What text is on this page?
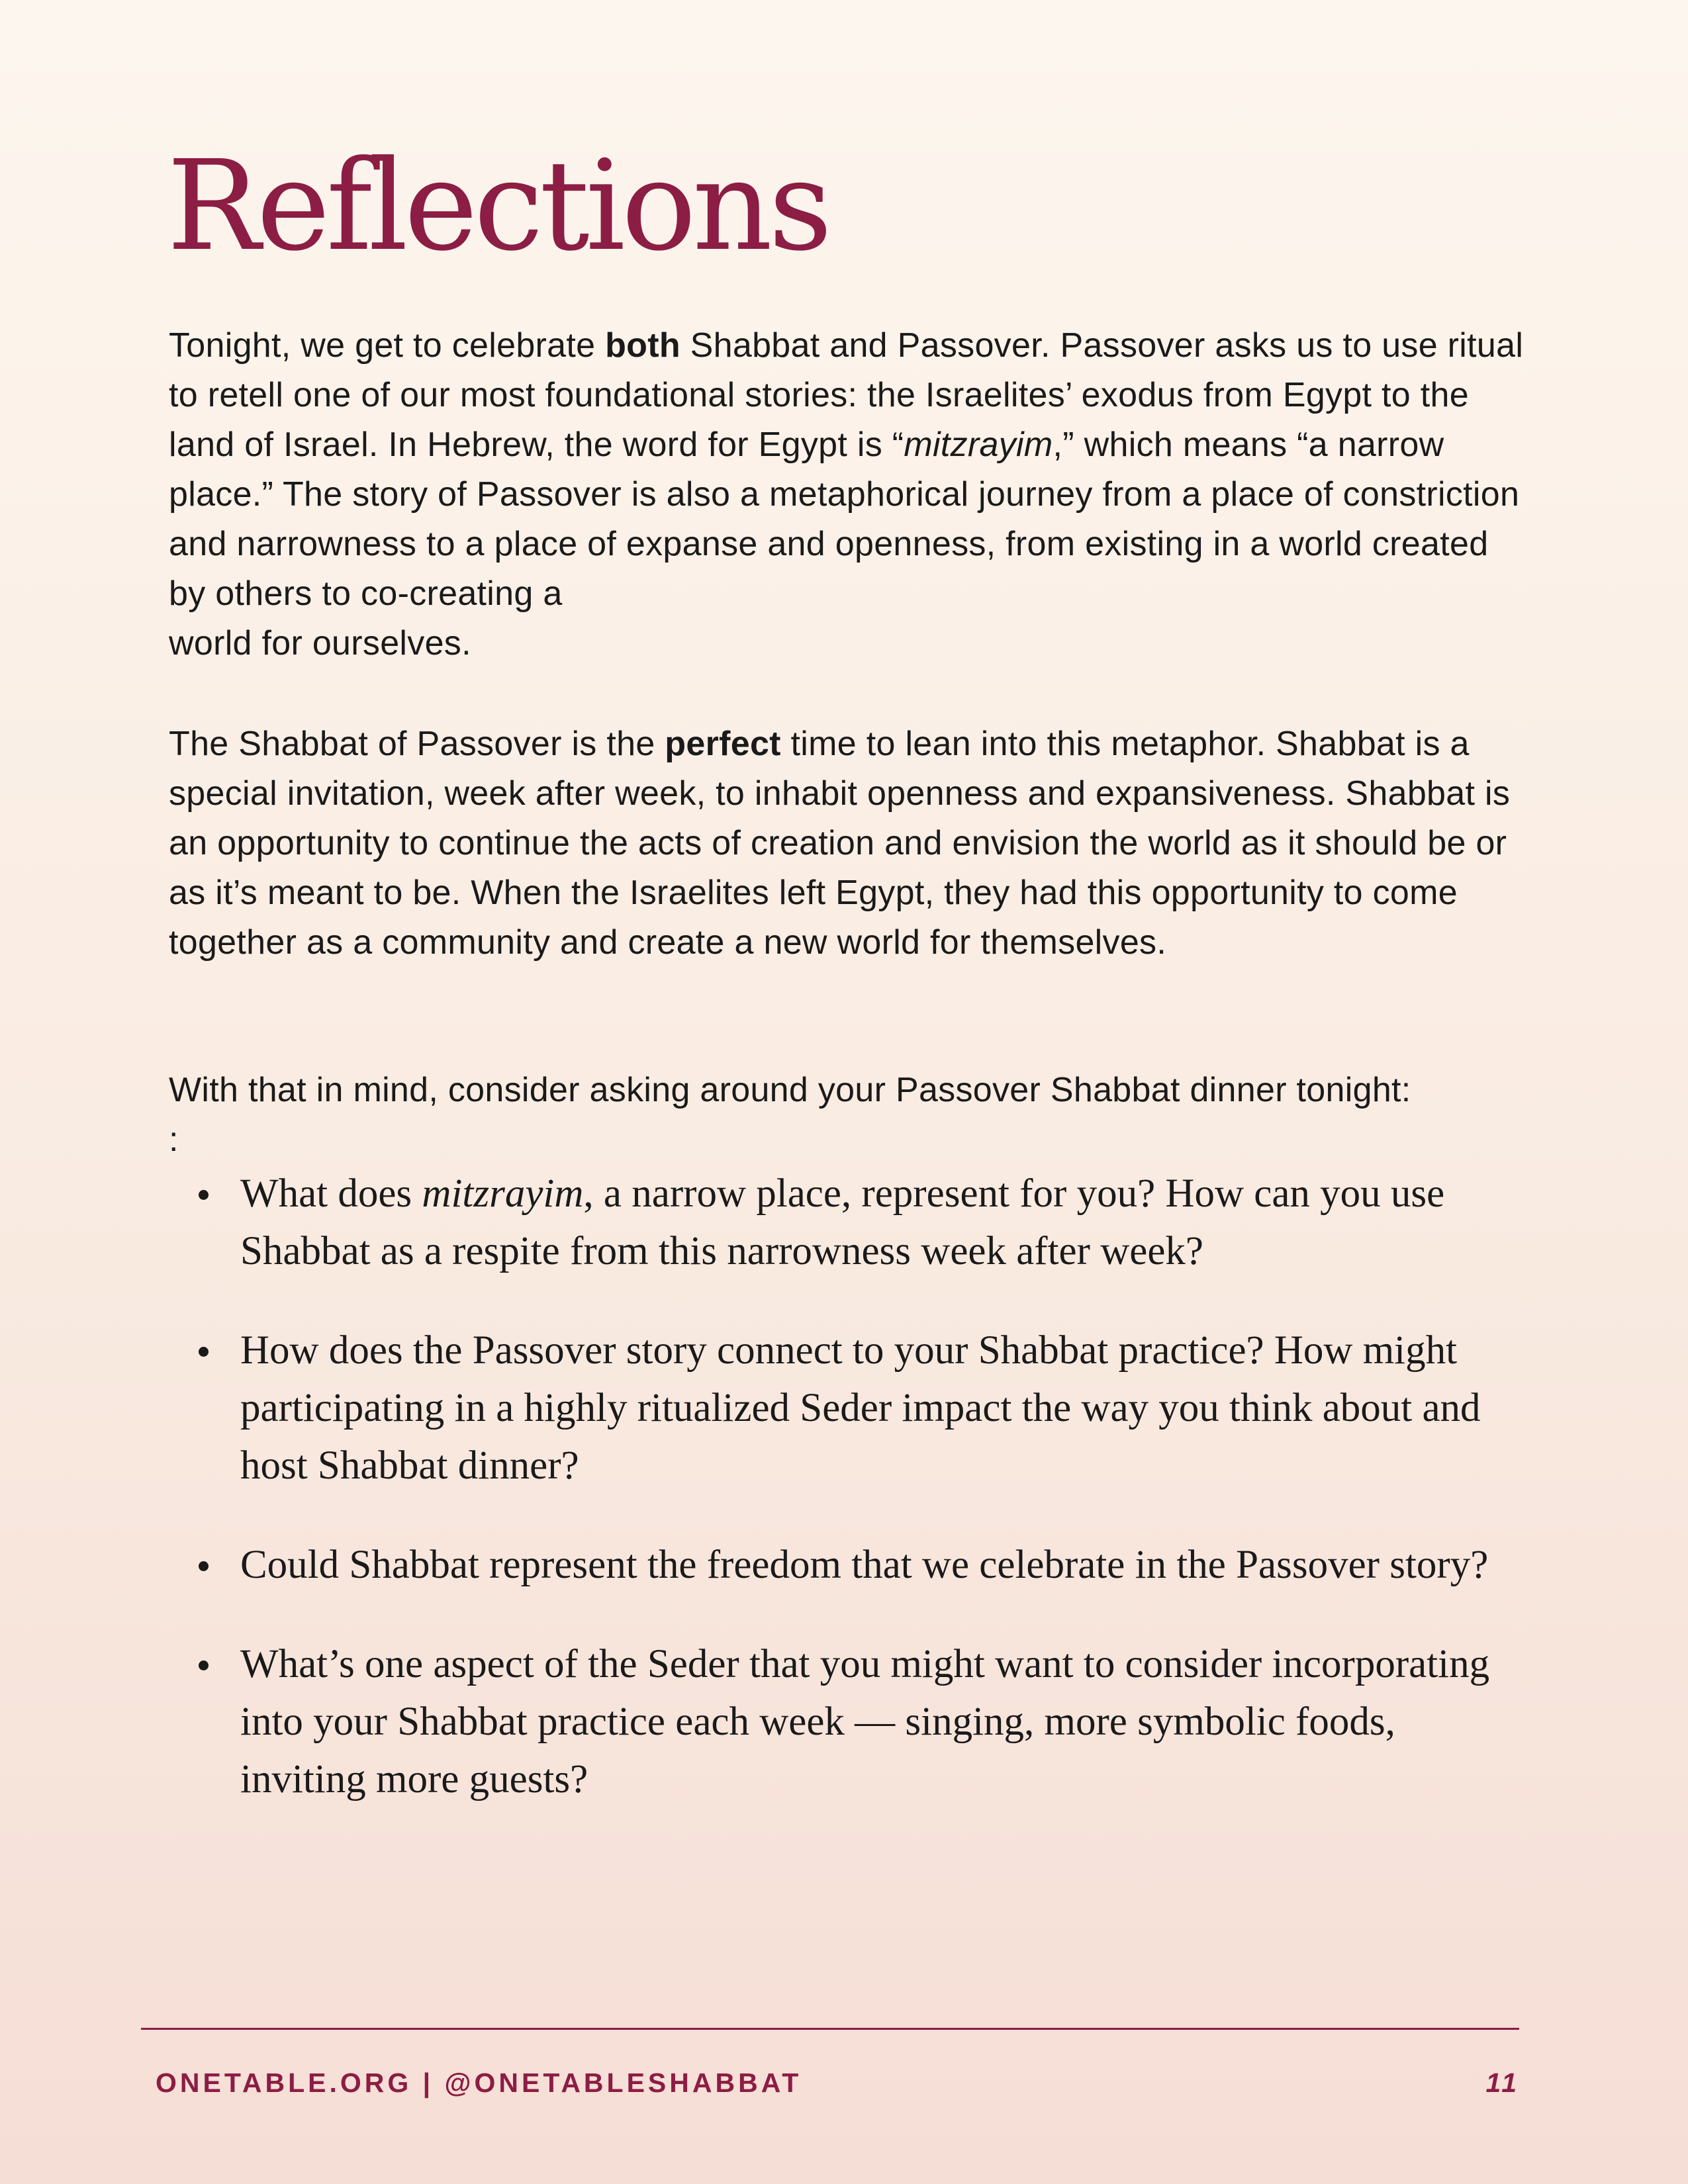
Reflections

Tonight, we get to celebrate both Shabbat and Passover. Passover asks us to use ritual to retell one of our most foundational stories: the Israelites’ exodus from Egypt to the land of Israel. In Hebrew, the word for Egypt is “mitzrayim,” which means “a narrow place.” The story of Passover is also a metaphorical journey from a place of constriction and narrowness to a place of expanse and openness, from existing in a world created by others to co-creating a
world for ourselves.

The Shabbat of Passover is the perfect time to lean into this metaphor. Shabbat is a special invitation, week after week, to inhabit openness and expansiveness. Shabbat is an opportunity to continue the acts of creation and envision the world as it should be or as it’s meant to be. When the Israelites left Egypt, they had this opportunity to come together as a community and create a new world for themselves.

With that in mind, consider asking around your Passover Shabbat dinner tonight:
:

What does mitzrayim, a narrow place, represent for you? How can you use Shabbat as a respite from this narrowness week after week?
How does the Passover story connect to your Shabbat practice? How might participating in a highly ritualized Seder impact the way you think about and host Shabbat dinner?
Could Shabbat represent the freedom that we celebrate in the Passover story?
What’s one aspect of the Seder that you might want to consider incorporating into your Shabbat practice each week — singing, more symbolic foods, inviting more guests?
ONETABLE.ORG | @ONETABLESHABBAT	11
